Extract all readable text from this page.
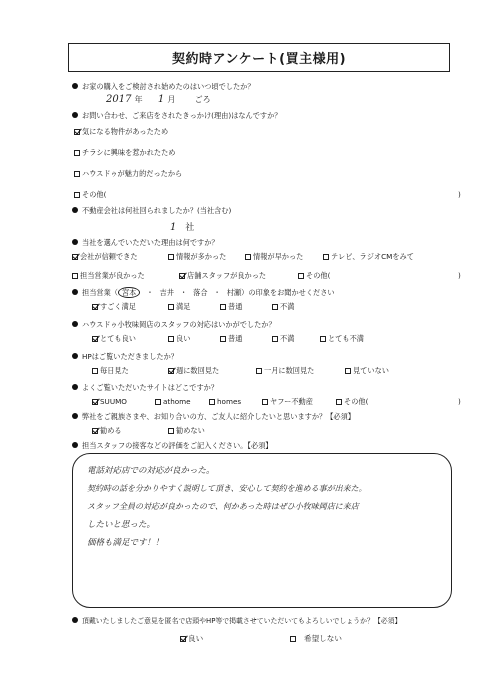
契約時アンケート(買主様用)
お家の購入をご検討され始めたのはいつ頃でしたか？
2017 年 1 月 ごろ
お問い合わせ、ご来店をされたきっかけ(理由)はなんですか？
気になる物件があったため
チラシに興味を惹かれたため
ハウスドゥが魅力的だったから
その他(	)
不動産会社は何社回られましたか？(当社含む)
1 社
当社を選んでいただいた理由は何ですか？
会社が信頼できた	情報が多かった	情報が早かった	テレビ、ラジオCMをみて
担当営業が良かった	店舗スタッフが良かった	その他(	)
担当営業（ 宮本 ・ 吉井 ・ 落合 ・ 村瀬）の印象をお聞かせください
すごく満足	満足	普通	不満
ハウスドゥ小牧味岡店のスタッフの対応はいかがでしたか？
とても良い	良い	普通	不満	とても不満
HPはご覧いただきましたか？
毎日見た	週に数回見た	一月に数回見た	見ていない
よくご覧いただいたサイトはどこですか？
SUUMO	athome	homes	ヤフー不動産	その他(	)
弊社をご親族さまや、お知り合いの方、ご友人に紹介したいと思いますか？【必須】
勧める	勧めない
担当スタッフの接客などの評価をご記入ください。【必須】
電話対応店での対応が良かった。
契約時の話を分かりやすく説明して頂き、安心して契約を進める事が出来た。
スタッフ全員の対応が良かったので、何かあった時はぜひ小牧味岡店に来店
したいと思った。
価格も満足です！！
頂戴いたしましたご意見を匿名で店頭やHP等で掲載させていただいてもよろしいでしょうか？【必須】
良い	希望しない
